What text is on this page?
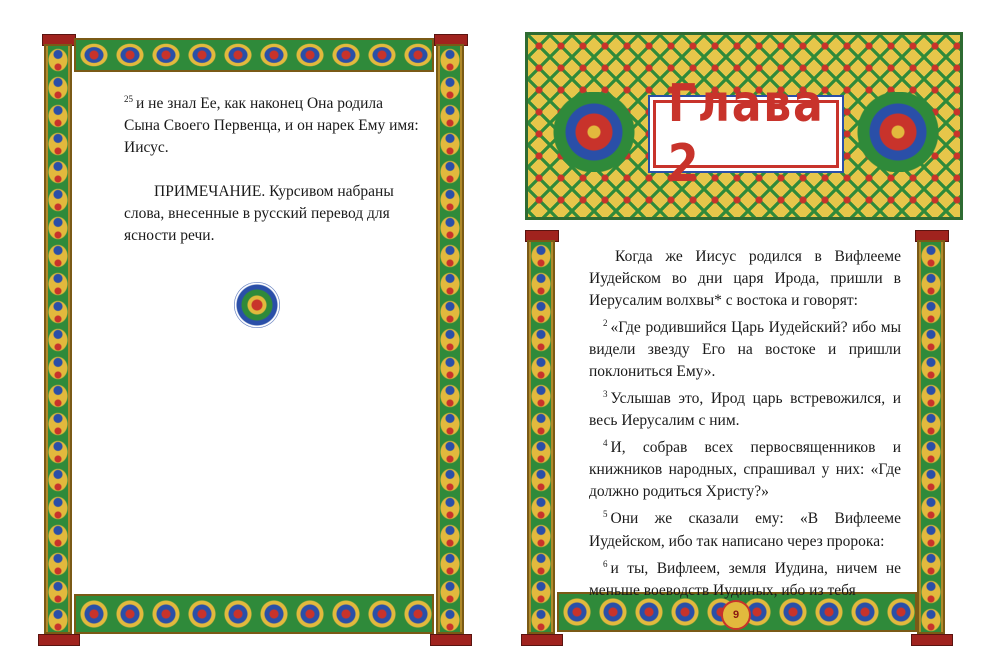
$^{25}$ и не знал Ее, как наконец Она родила Сына Своего Первенца, и он нарек Ему имя: Иисус.

ПРИМЕЧАНИЕ. Курсивом набраны слова, внесенные в русский перевод для ясности речи.

Глава 2
9

Когда же Иисус родился в Вифлееме Иудейском во дни царя Ирода, пришли в Иерусалим волхвы* с востока и говорят:

$^2$ «Где родившийся Царь Иудейский? ибо мы видели звезду Его на востоке и пришли поклониться Ему».

$^3$ Услышав это, Ирод царь встревожился, и весь Иерусалим с ним.

$^4$ И, собрав всех первосвященников и книжников народных, спрашивал у них: «Где должно родиться Христу?»

$^5$ Они же сказали ему: «В Вифлееме Иудейском, ибо так написано через пророка:

$^6$ и ты, Вифлеем, земля Иудина, ничем не меньше воеводств Иудиных, ибо из тебя
